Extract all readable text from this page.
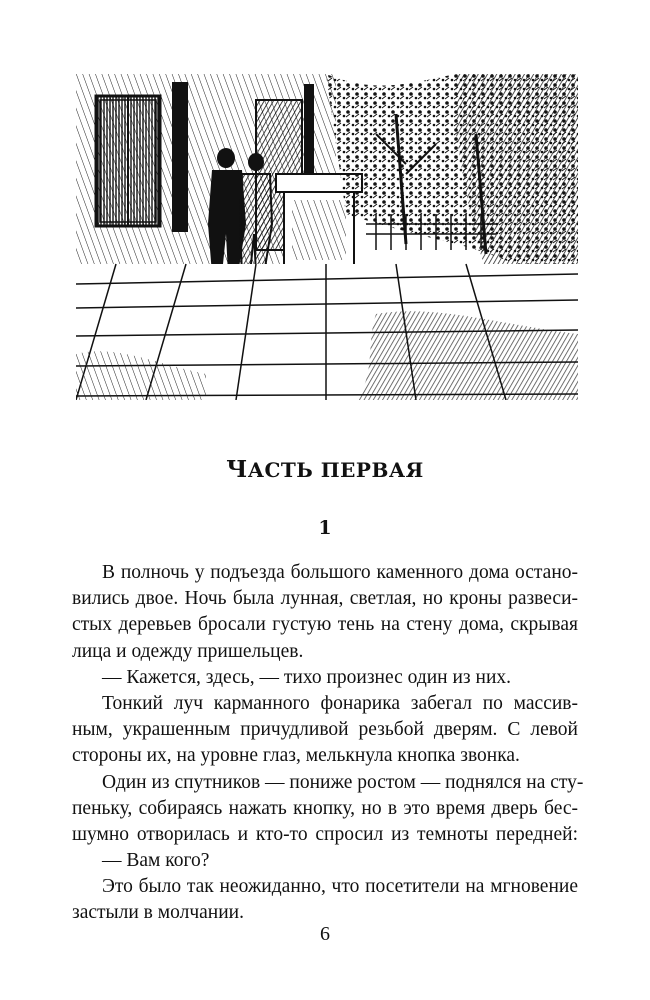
ЧАСТЬ ПЕРВАЯ
1
В полночь у подъезда большого каменного дома остано-
вились двое. Ночь была лунная, светлая, но кроны развеси-
стых деревьев бросали густую тень на стену дома, скрывая
лица и одежду пришельцев.
— Кажется, здесь, — тихо произнес один из них.
Тонкий луч карманного фонарика забегал по массив-
ным, украшенным причудливой резьбой дверям. С левой
стороны их, на уровне глаз, мелькнула кнопка звонка.
Один из спутников — пониже ростом — поднялся на сту-
пеньку, собираясь нажать кнопку, но в это время дверь бес-
шумно отворилась и кто-то спросил из темноты передней:
— Вам кого?
Это было так неожиданно, что посетители на мгновение
застыли в молчании.
6
